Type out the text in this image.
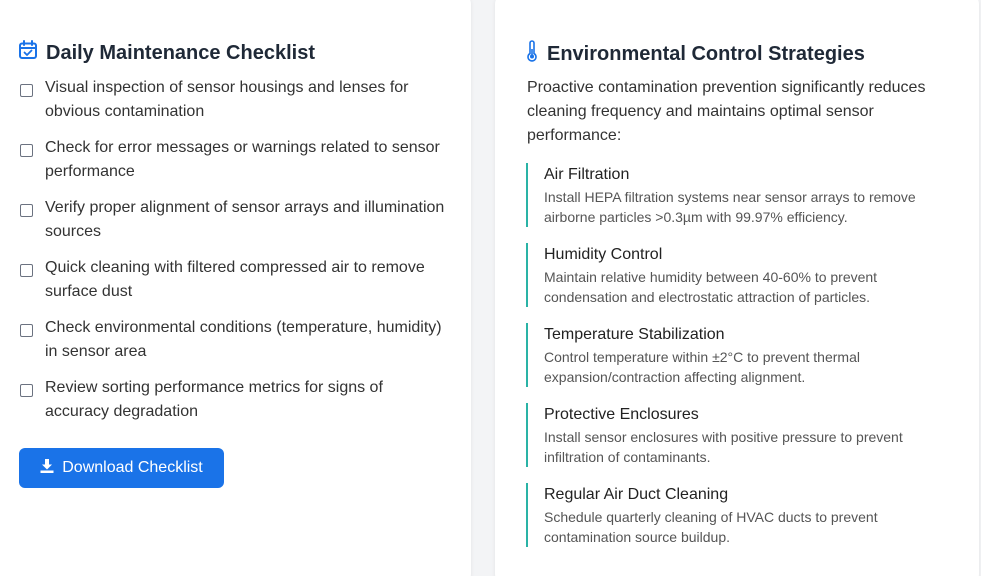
Daily Maintenance Checklist
Visual inspection of sensor housings and lenses for obvious contamination
Check for error messages or warnings related to sensor performance
Verify proper alignment of sensor arrays and illumination sources
Quick cleaning with filtered compressed air to remove surface dust
Check environmental conditions (temperature, humidity) in sensor area
Review sorting performance metrics for signs of accuracy degradation
Download Checklist
Environmental Control Strategies

Proactive contamination prevention significantly reduces cleaning frequency and maintains optimal sensor performance:

Air Filtration
Install HEPA filtration systems near sensor arrays to remove airborne particles >0.3µm with 99.97% efficiency.
Humidity Control
Maintain relative humidity between 40-60% to prevent condensation and electrostatic attraction of particles.
Temperature Stabilization
Control temperature within ±2°C to prevent thermal expansion/contraction affecting alignment.
Protective Enclosures
Install sensor enclosures with positive pressure to prevent infiltration of contaminants.
Regular Air Duct Cleaning
Schedule quarterly cleaning of HVAC ducts to prevent contamination source buildup.
